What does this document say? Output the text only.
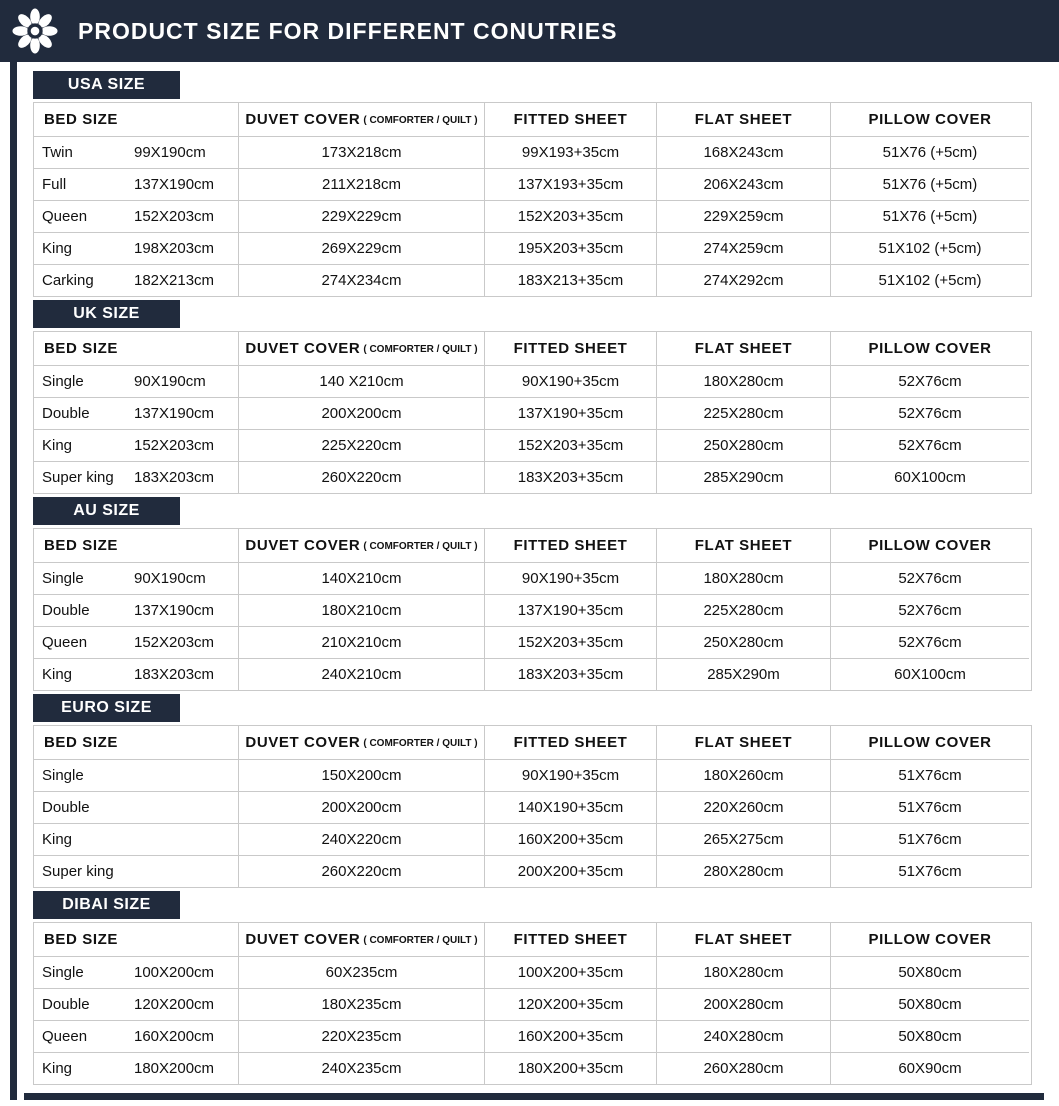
PRODUCT SIZE FOR DIFFERENT CONUTRIES
USA SIZE
BED SIZE	DUVET COVER ( COMFORTER / QUILT )	FITTED SHEET	FLAT SHEET	PILLOW COVER
Twin	99X190cm	173X218cm	99X193+35cm	168X243cm	51X76 (+5cm)
Full	137X190cm	211X218cm	137X193+35cm	206X243cm	51X76 (+5cm)
Queen	152X203cm	229X229cm	152X203+35cm	229X259cm	51X76 (+5cm)
King	198X203cm	269X229cm	195X203+35cm	274X259cm	51X102 (+5cm)
Carking	182X213cm	274X234cm	183X213+35cm	274X292cm	51X102 (+5cm)
UK SIZE
BED SIZE	DUVET COVER ( COMFORTER / QUILT )	FITTED SHEET	FLAT SHEET	PILLOW COVER
Single	90X190cm	140 X210cm	90X190+35cm	180X280cm	52X76cm
Double	137X190cm	200X200cm	137X190+35cm	225X280cm	52X76cm
King	152X203cm	225X220cm	152X203+35cm	250X280cm	52X76cm
Super king	183X203cm	260X220cm	183X203+35cm	285X290cm	60X100cm
AU SIZE
BED SIZE	DUVET COVER ( COMFORTER / QUILT )	FITTED SHEET	FLAT SHEET	PILLOW COVER
Single	90X190cm	140X210cm	90X190+35cm	180X280cm	52X76cm
Double	137X190cm	180X210cm	137X190+35cm	225X280cm	52X76cm
Queen	152X203cm	210X210cm	152X203+35cm	250X280cm	52X76cm
King	183X203cm	240X210cm	183X203+35cm	285X290m	60X100cm
EURO SIZE
BED SIZE	DUVET COVER ( COMFORTER / QUILT )	FITTED SHEET	FLAT SHEET	PILLOW COVER
Single	150X200cm	90X190+35cm	180X260cm	51X76cm
Double	200X200cm	140X190+35cm	220X260cm	51X76cm
King	240X220cm	160X200+35cm	265X275cm	51X76cm
Super king	260X220cm	200X200+35cm	280X280cm	51X76cm
DIBAI SIZE
BED SIZE	DUVET COVER ( COMFORTER / QUILT )	FITTED SHEET	FLAT SHEET	PILLOW COVER
Single	100X200cm	60X235cm	100X200+35cm	180X280cm	50X80cm
Double	120X200cm	180X235cm	120X200+35cm	200X280cm	50X80cm
Queen	160X200cm	220X235cm	160X200+35cm	240X280cm	50X80cm
King	180X200cm	240X235cm	180X200+35cm	260X280cm	60X90cm
